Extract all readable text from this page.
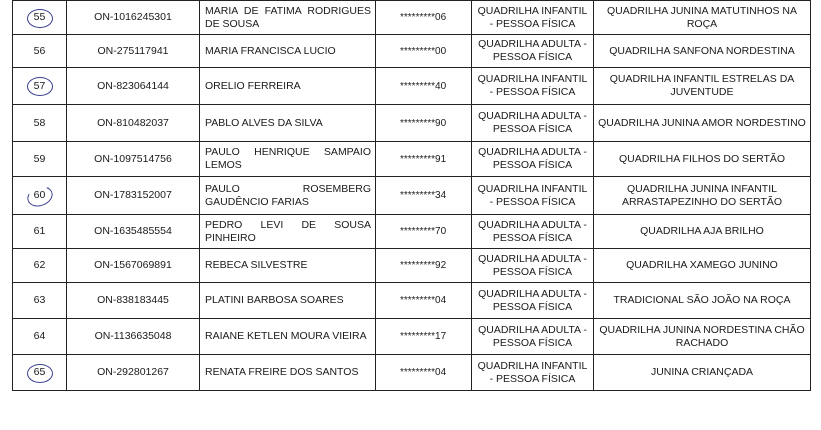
55	ON-1016245301	MARIA DE FATIMA RODRIGUES DE SOUSA	*********06	QUADRILHA INFANTIL - PESSOA FÍSICA	QUADRILHA JUNINA MATUTINHOS NA ROÇA
56	ON-275117941	MARIA FRANCISCA LUCIO	*********00	QUADRILHA ADULTA - PESSOA FÍSICA	QUADRILHA SANFONA NORDESTINA

57	ON-823064144	ORELIO FERREIRA	*********40	QUADRILHA INFANTIL - PESSOA FÍSICA	QUADRILHA INFANTIL ESTRELAS DA JUVENTUDE
58	ON-810482037	PABLO ALVES DA SILVA	*********90	QUADRILHA ADULTA - PESSOA FÍSICA	QUADRILHA JUNINA AMOR NORDESTINO
59	ON-1097514756	PAULO HENRIQUE SAMPAIO LEMOS	*********91	QUADRILHA ADULTA - PESSOA FÍSICA	QUADRILHA FILHOS DO SERTÃO

60	ON-1783152007	PAULO ROSEMBERG GAUDÊNCIO FARIAS	*********34	QUADRILHA INFANTIL - PESSOA FÍSICA	QUADRILHA JUNINA INFANTIL ARRASTAPEZINHO DO SERTÃO
61	ON-1635485554	PEDRO LEVI DE SOUSA PINHEIRO	*********70	QUADRILHA ADULTA - PESSOA FÍSICA	QUADRILHA AJA BRILHO
62	ON-1567069891	REBECA SILVESTRE	*********92	QUADRILHA ADULTA - PESSOA FÍSICA	QUADRILHA XAMEGO JUNINO
63	ON-838183445	PLATINI BARBOSA SOARES	*********04	QUADRILHA ADULTA - PESSOA FÍSICA	TRADICIONAL SÃO JOÃO NA ROÇA
64	ON-1136635048	RAIANE KETLEN MOURA VIEIRA	*********17	QUADRILHA ADULTA - PESSOA FÍSICA	QUADRILHA JUNINA NORDESTINA CHÃO RACHADO

65	ON-292801267	RENATA FREIRE DOS SANTOS	*********04	QUADRILHA INFANTIL - PESSOA FÍSICA	JUNINA CRIANÇADA
